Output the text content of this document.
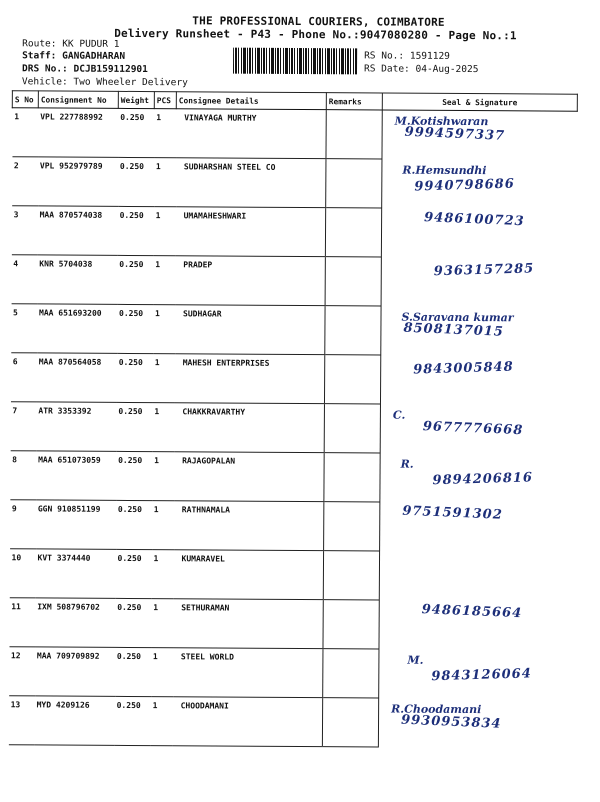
THE PROFESSIONAL COURIERS, COIMBATORE
Delivery Runsheet - P43 - Phone No.:9047080280 - Page No.:1
Route: KK PUDUR 1
Staff: GANGADHARAN
DRS No.: DCJB159112901
Vehicle: Two Wheeler Delivery
RS No.: 1591129
RS Date: 04-Aug-2025
S No	Consignment No	Weight	PCS	Consignee Details	Remarks	Seal & Signature
1	VPL 227788992	0.250	1	VINAYAGA MURTHY		M.Kotishwaran
9994597337

2	VPL 952979789	0.250	1	SUDHARSHAN STEEL CO		R.Hemsundhi
9940798686

3	MAA 870574038	0.250	1	UMAMAHESHWARI		9486100723

4	KNR 5704038	0.250	1	PRADEP		9363157285

5	MAA 651693200	0.250	1	SUDHAGAR		S.Saravana kumar
8508137015

6	MAA 870564058	0.250	1	MAHESH ENTERPRISES		9843005848

7	ATR 3353392	0.250	1	CHAKKRAVARTHY		C.
9677776668

8	MAA 651073059	0.250	1	RAJAGOPALAN		R.
9894206816

9	GGN 910851199	0.250	1	RATHNAMALA		9751591302

10	KVT 3374440	0.250	1	KUMARAVEL		

11	IXM 508796702	0.250	1	SETHURAMAN		9486185664

12	MAA 709709892	0.250	1	STEEL WORLD		M.
9843126064

13	MYD 4209126	0.250	1	CHOODAMANI		R.Choodamani
9930953834
